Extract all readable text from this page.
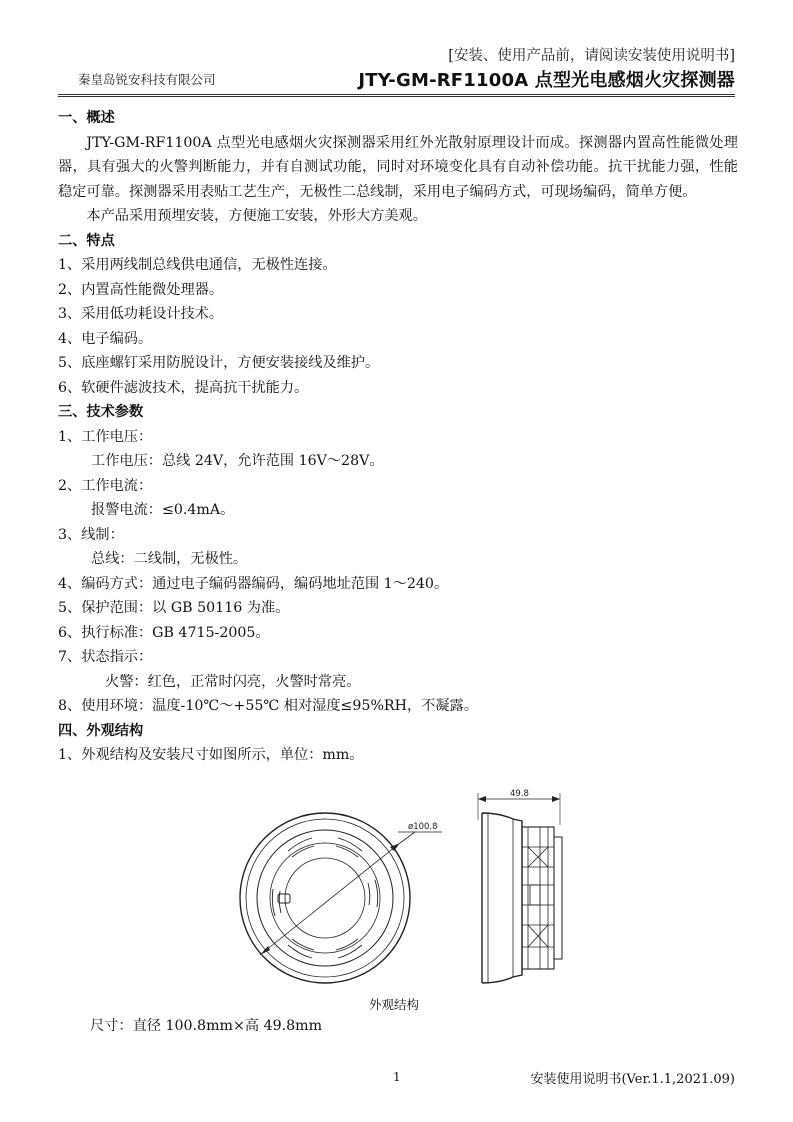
[安装、使用产品前，请阅读安装使用说明书]
秦皇岛锐安科技有限公司	JTY-GM-RF1100A 点型光电感烟火灾探测器
一、概述
JTY-GM-RF1100A 点型光电感烟火灾探测器采用红外光散射原理设计而成。探测器内置高性能微处理器，具有强大的火警判断能力，并有自测试功能，同时对环境变化具有自动补偿功能。抗干扰能力强，性能稳定可靠。探测器采用表贴工艺生产，无极性二总线制，采用电子编码方式，可现场编码，简单方便。
本产品采用预埋安装，方便施工安装，外形大方美观。
二、特点
1、采用两线制总线供电通信，无极性连接。
2、内置高性能微处理器。
3、采用低功耗设计技术。
4、电子编码。
5、底座螺钉采用防脱设计，方便安装接线及维护。
6、软硬件滤波技术，提高抗干扰能力。
三、技术参数
1、工作电压：
工作电压：总线 24V，允许范围 16V～28V。
2、工作电流：
报警电流：≤0.4mA。
3、线制：
总线：二线制，无极性。
4、编码方式：通过电子编码器编码，编码地址范围 1～240。
5、保护范围：以 GB 50116 为准。
6、执行标准：GB 4715-2005。
7、状态指示：
火警：红色，正常时闪亮，火警时常亮。
8、使用环境：温度-10℃～+55℃ 相对湿度≤95%RH，不凝露。
四、外观结构
1、外观结构及安装尺寸如图所示，单位：mm。
ø100.8
49.8
外观结构
尺寸：直径 100.8mm×高 49.8mm
1	安装使用说明书(Ver.1.1,2021.09)
